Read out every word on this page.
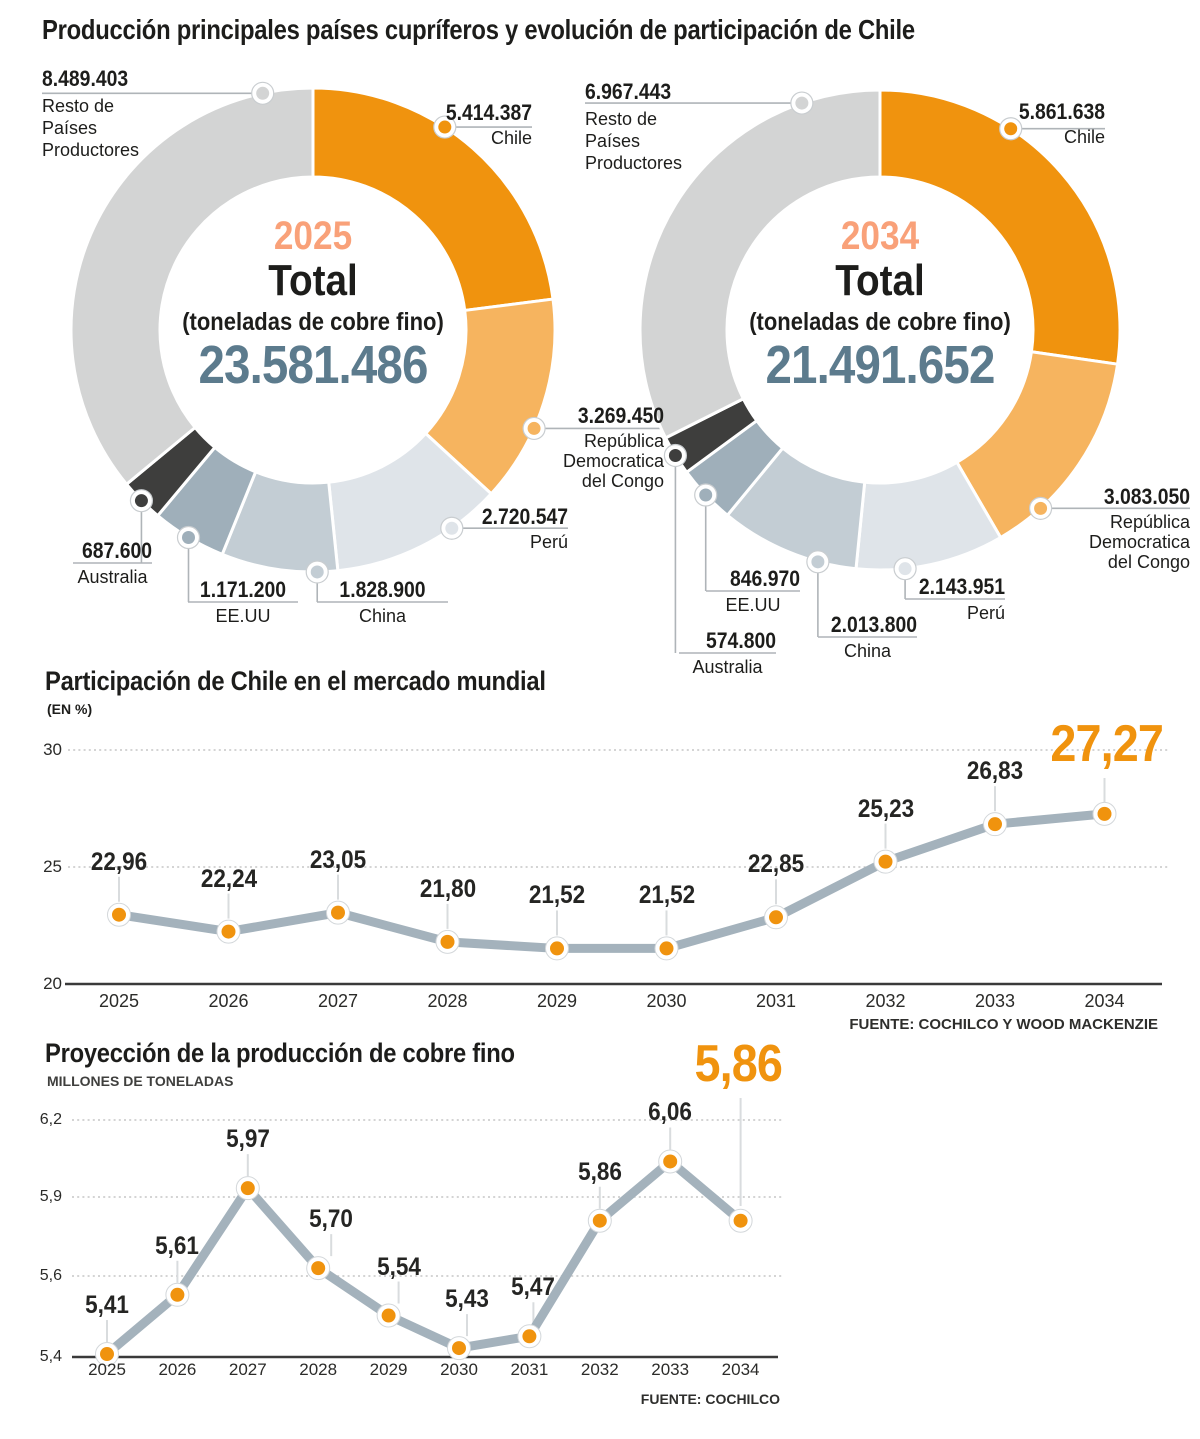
Producción principales países cupríferos y evolución de participación de Chile
2025
Total
(toneladas de cobre fino)
23.581.486
2034
Total
(toneladas de cobre fino)
21.491.652
Participación de Chile en el mercado mundial
(EN %)
FUENTE: COCHILCO Y WOOD MACKENZIE
Proyección de la producción de cobre fino
MILLONES DE TONELADAS
FUENTE: COCHILCO
5.414.387
Chile
3.269.450
República
Democratica
del Congo
2.720.547
Perú
1.828.900
China
1.171.200
EE.UU
687.600
Australia
8.489.403
Resto de
Países
Productores
5.861.638
Chile
3.083.050
República
Democratica
del Congo
2.143.951
Perú
2.013.800
China
846.970
EE.UU
574.800
Australia
6.967.443
Resto de
Países
Productores
30
25
20
22,96
22,24
23,05
21,80	21,52	21,52
22,85
25,23
26,83 27,27
2025	2026	2027	2028	2029	2030	2031	2032	2033	2034
6,2
5,9
5,6
5,4
5,41
5,61
5,97
5,70
5,54
5,43 5,47
5,86
6,06
5,86
2025	2026	2027	2028	2029	2030	2031	2032	2033	2034
